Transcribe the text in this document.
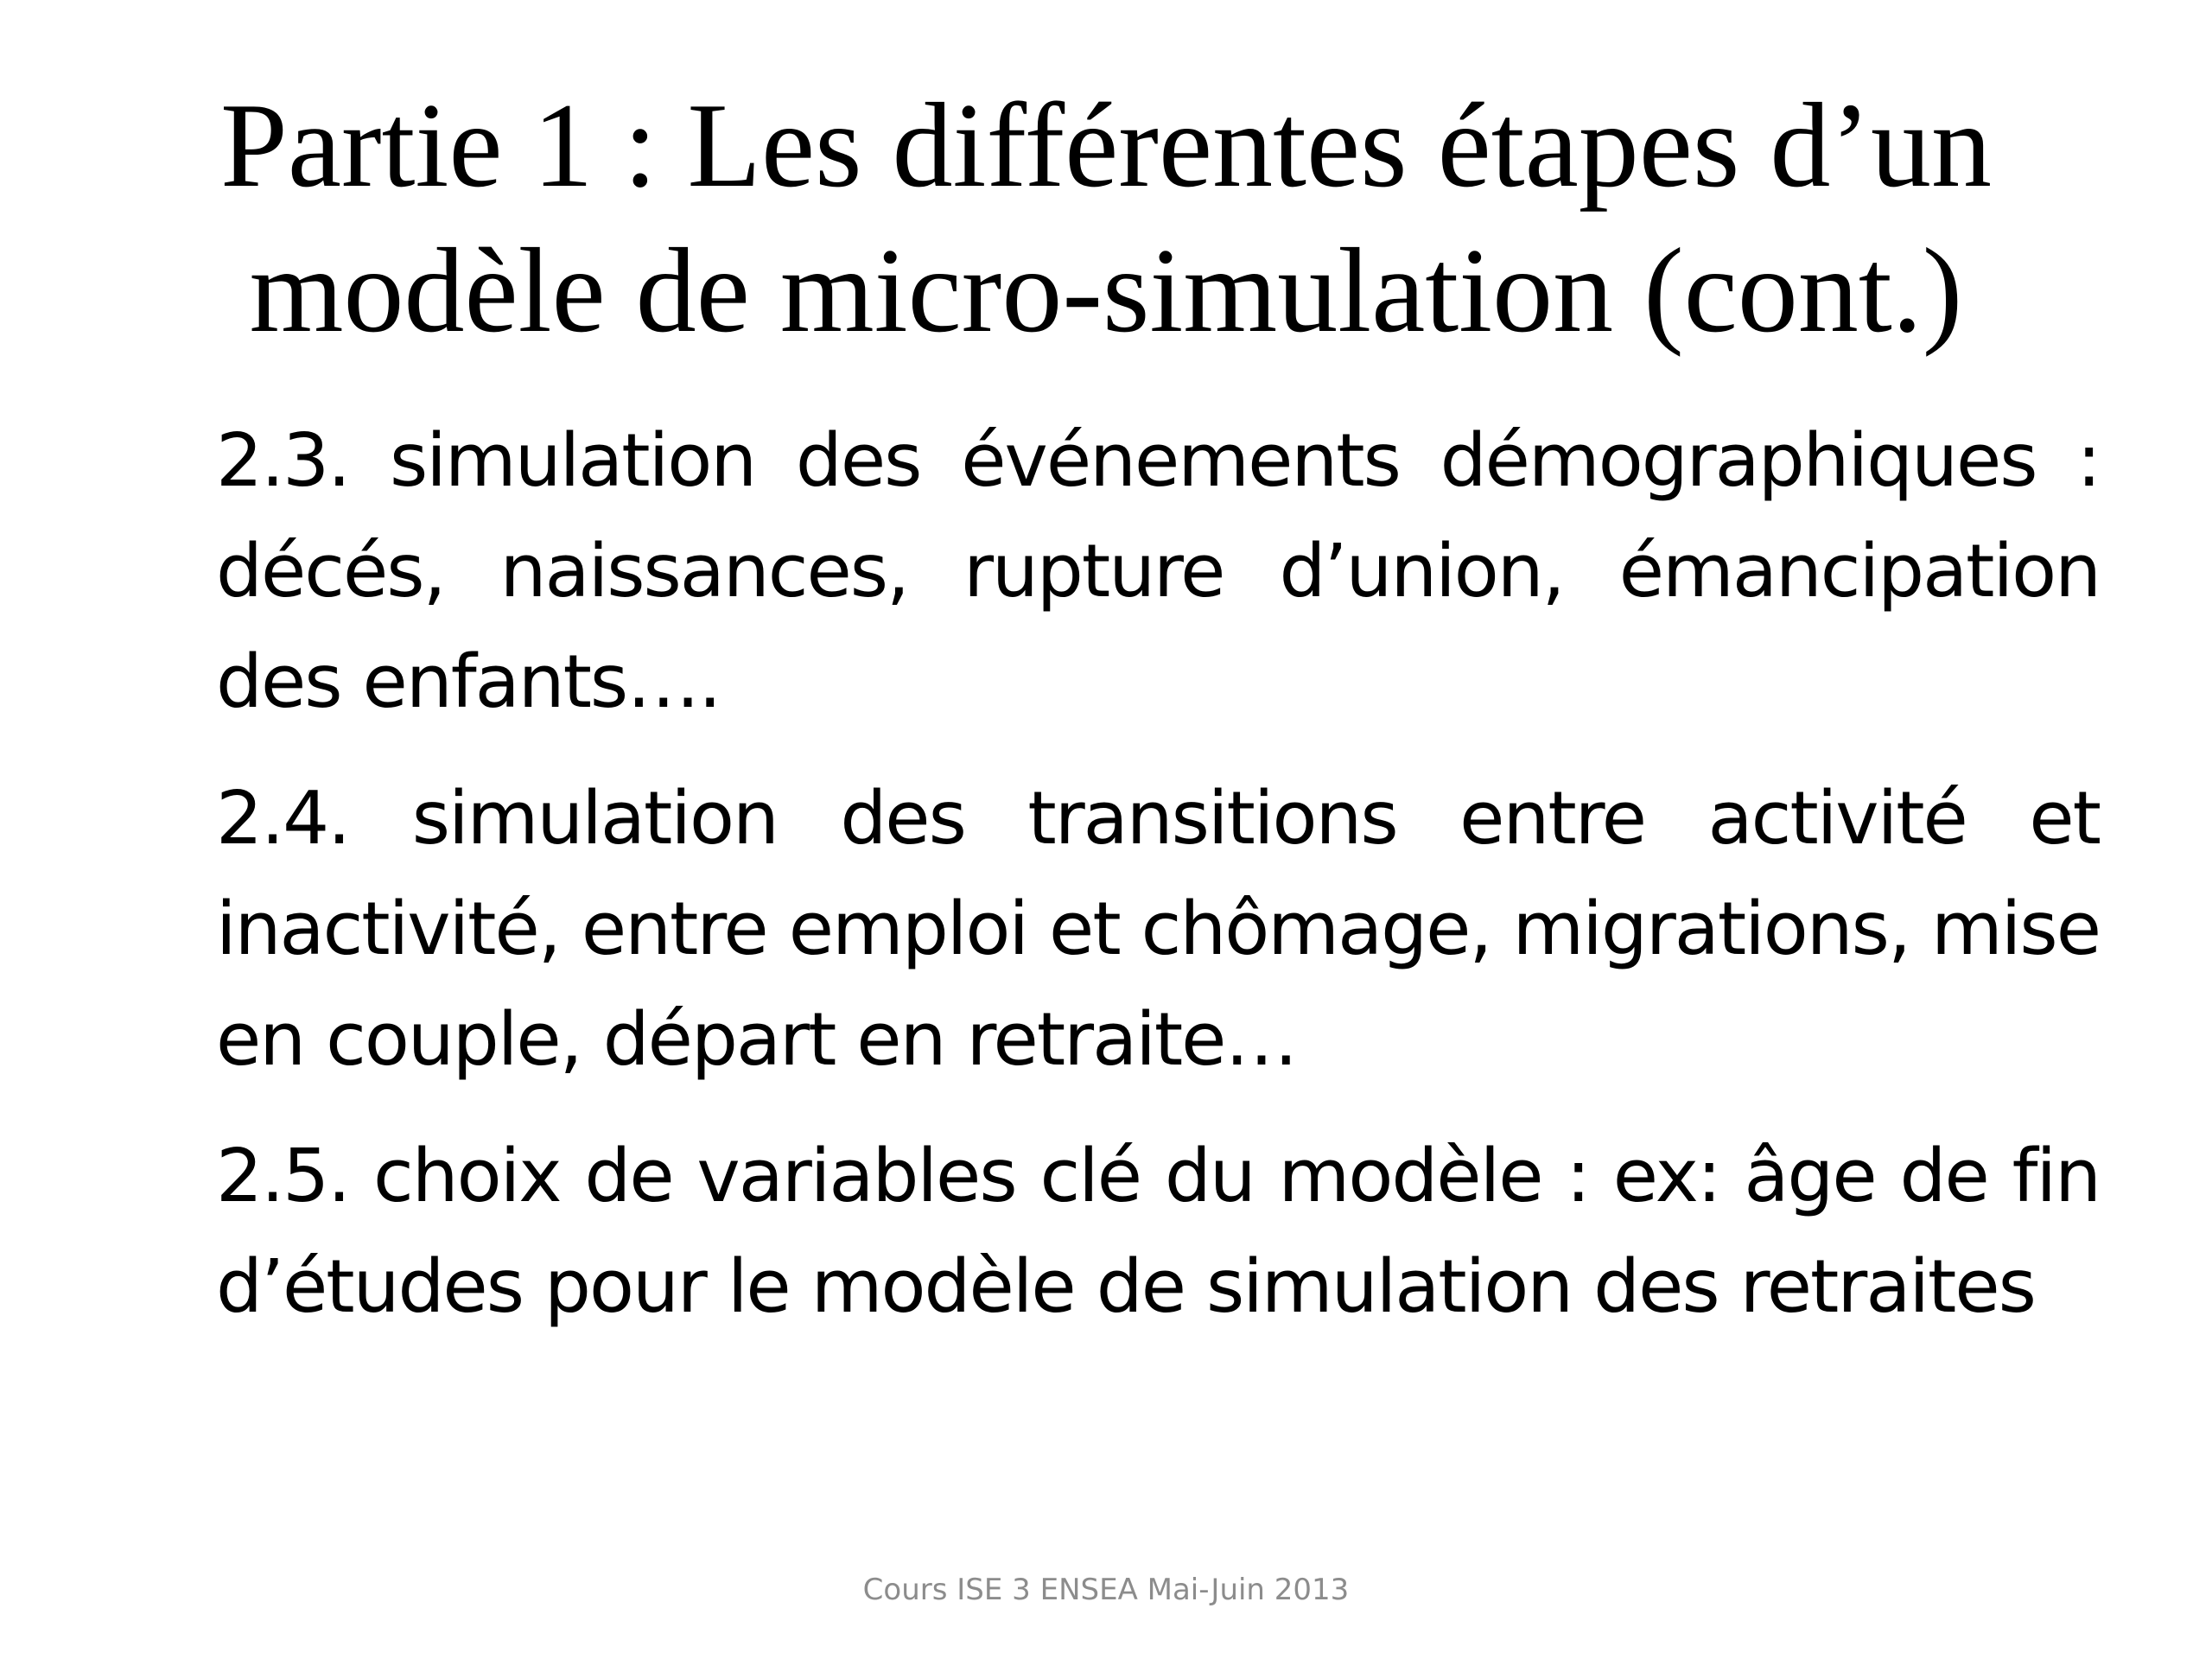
Partie 1 : Les différentes étapes d’un
modèle de micro-simulation (cont.)

2.3. simulation des événements démographiques : décés, naissances, rupture d’union, émancipation des enfants….

2.4. simulation des transitions entre activité et inactivité, entre emploi et chômage, migrations, mise en couple, départ en retraite…

2.5. choix de variables clé du modèle : ex: âge de fin d’études pour le modèle de simulation des retraites

Cours ISE 3 ENSEA Mai-Juin 2013
